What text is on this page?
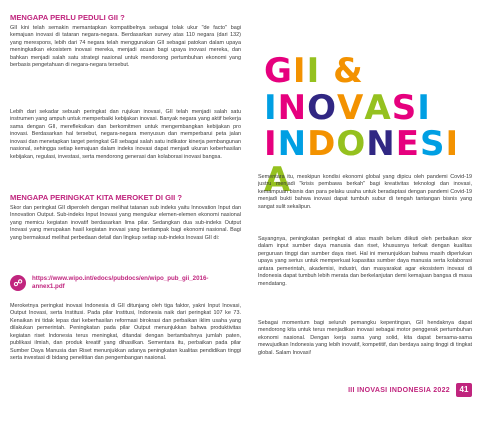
MENGAPA PERLU PEDULI GII ?

GII kini telah semakin memantapkan kompatibelnya sebagai tolak ukur "de facto" bagi kemajuan inovasi di tataran negara-negara. Berdasarkan survey atas 110 negara (dari 132) yang merespons, lebih dari 74 negara telah menggunakan GII sebagai patokan dalam upaya meningkatkan ekosistem inovasi mereka, menjadi acuan bagi upaya inovasi mereka, dan bahkan menjadi salah satu strategi nasional untuk mendorong pertumbuhan ekonomi yang berbasis pengetahuan di negara-negara tersebut.

Lebih dari sekadar sebuah peringkat dan rujukan inovasi, GII telah menjadi salah satu instrumen yang ampuh untuk memperbaiki kebijakan inovasi. Banyak negara yang aktif bekerja sama dengan GII, merefleksikan dan berkomitmen untuk mengembangkan kebijakan pro inovasi. Berdasarkan hal tersebut, negara-negara menyusun dan memperbarui peta jalan inovasi dan menetapkan target peringkat GII sebagai salah satu indikator kinerja pembangunan nasional, sehingga setiap kemajuan dalam indeks inovasi dapat menjadi ukuran keberhasilan kebijakan, regulasi, investasi, serta mendorong generasi dan kolaborasi inovasi bangsa.

MENGAPA PERINGKAT KITA MEROKET DI GII ?

Skor dan peringkat GII diperoleh dengan melihat tatanan sub indeks yaitu Innovation Input dan Innovation Output. Sub-indeks Input Inovasi yang mengukur elemen-elemen ekonomi nasional yang memicu kegiatan inovatif berdasarkan lima pilar. Sedangkan dua sub-indeks Output Inovasi yang merupakan hasil kegiatan inovasi yang berdampak bagi ekonomi nasional. Bagi yang bermaksud melihat perbedaan detail dan lingkup setiap sub-indeks Inovasi GII di:

☍	https://www.wipo.int/edocs/pubdocs/en/wipo_pub_gii_2016-annex1.pdf

Meroketnya peringkat inovasi Indonesia di GII ditunjang oleh tiga faktor, yakni Input Inovasi, Output Inovasi, serta Institusi. Pada pilar Institusi, Indonesia naik dari peringkat 107 ke 73. Kenaikan ini tidak lepas dari keberhasilan reformasi birokrasi dan perbaikan iklim usaha yang dilakukan pemerintah. Peningkatan pada pilar Output menunjukkan bahwa produktivitas kegiatan riset Indonesia terus meningkat, ditandai dengan bertambahnya jumlah paten, publikasi ilmiah, dan produk kreatif yang dihasilkan. Sementara itu, perbaikan pada pilar Sumber Daya Manusia dan Riset menunjukkan adanya peningkatan kualitas pendidikan tinggi serta investasi di bidang penelitian dan pengembangan nasional.

GII &
INOVASI
INDONESIA

Sementara itu, meskipun kondisi ekonomi global yang dipicu oleh pandemi Covid-19 justru menjadi "krisis pembawa berkah" bagi kreativitas teknologi dan inovasi, kemampuan bisnis dan para pelaku usaha untuk beradaptasi dengan pandemi Covid-19 menjadi bukti bahwa inovasi dapat tumbuh subur di tengah tantangan bisnis yang sangat sulit sekalipun.

Sayangnya, peningkatan peringkat di atas masih belum diikuti oleh perbaikan skor dalam input sumber daya manusia dan riset, khususnya terkait dengan kualitas perguruan tinggi dan sumber daya riset. Hal ini menunjukkan bahwa masih diperlukan upaya yang serius untuk memperkuat kapasitas sumber daya manusia serta kolaborasi antara pemerintah, akademisi, industri, dan masyarakat agar ekosistem inovasi di Indonesia dapat tumbuh lebih merata dan berkelanjutan demi kemajuan bangsa di masa mendatang.

Sebagai momentum bagi seluruh pemangku kepentingan, GII hendaknya dapat mendorong kita untuk terus menjadikan inovasi sebagai motor penggerak pertumbuhan ekonomi nasional. Dengan kerja sama yang solid, kita dapat bersama-sama mewujudkan Indonesia yang lebih inovatif, kompetitif, dan berdaya saing tinggi di tingkat global. Salam Inovasi!

III INOVASI INDONESIA 2022	41
